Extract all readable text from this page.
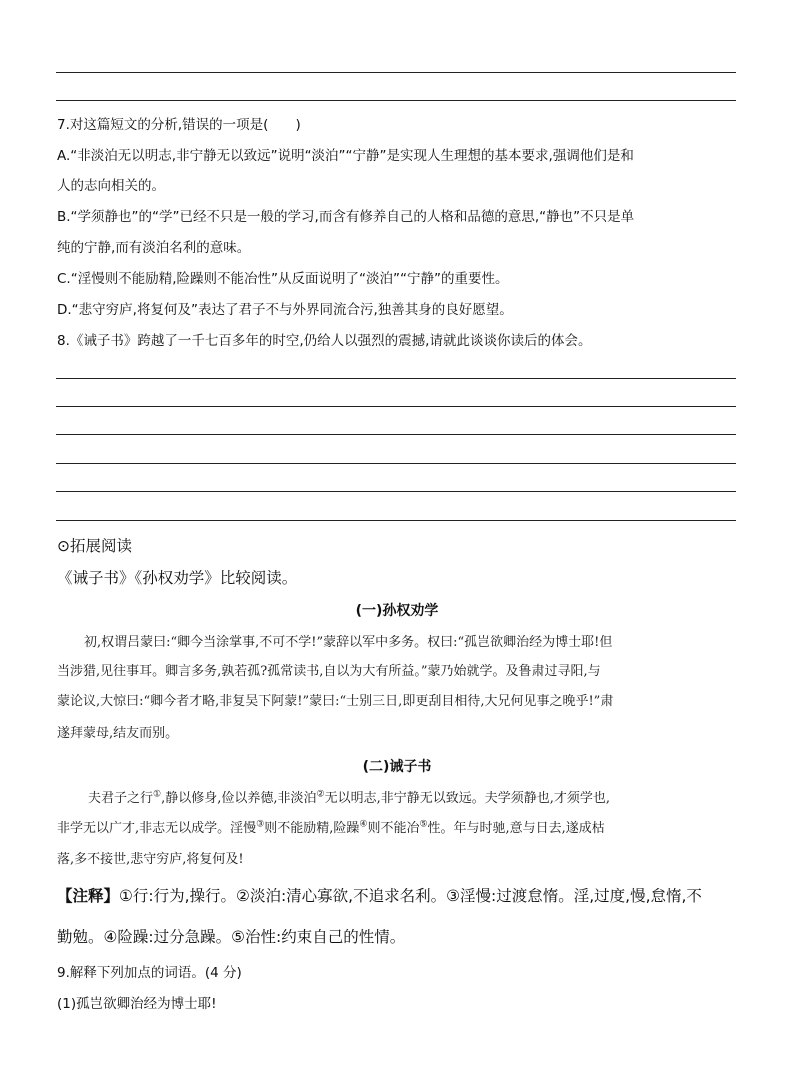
7.对这篇短文的分析,错误的一项是(　　)
A.“非淡泊无以明志,非宁静无以致远”说明“淡泊”“宁静”是实现人生理想的基本要求,强调他们是和
人的志向相关的。
B.“学须静也”的“学”已经不只是一般的学习,而含有修养自己的人格和品德的意思,“静也”不只是单
纯的宁静,而有淡泊名利的意味。
C.“淫慢则不能励精,险躁则不能冶性”从反面说明了“淡泊”“宁静”的重要性。
D.“悲守穷庐,将复何及”表达了君子不与外界同流合污,独善其身的良好愿望。
8.《诫子书》跨越了一千七百多年的时空,仍给人以强烈的震撼,请就此谈谈你读后的体会。
⊙拓展阅读
《诫子书》《孙权劝学》比较阅读。
(一)孙权劝学
初,权谓吕蒙曰:“卿今当涂掌事,不可不学!”蒙辞以军中多务。权曰:“孤岂欲卿治经为博士耶!但
当涉猎,见往事耳。卿言多务,孰若孤?孤常读书,自以为大有所益。”蒙乃始就学。及鲁肃过寻阳,与
蒙论议,大惊曰:“卿今者才略,非复吴下阿蒙!”蒙曰:“士别三日,即更刮目相待,大兄何见事之晚乎!”肃
遂拜蒙母,结友而别。
(二)诫子书
夫君子之行①,静以修身,俭以养德,非淡泊②无以明志,非宁静无以致远。夫学须静也,才须学也,
非学无以广才,非志无以成学。淫慢③则不能励精,险躁④则不能冶⑤性。年与时驰,意与日去,遂成枯
落,多不接世,悲守穷庐,将复何及!
【注释】①行:行为,操行。②淡泊:清心寡欲,不追求名利。③淫慢:过渡怠惰。淫,过度,慢,怠惰,不
勤勉。④险躁:过分急躁。⑤治性:约束自己的性情。
9.解释下列加点的词语。(4 分)
(1)孤岂欲卿治经为博士耶!
